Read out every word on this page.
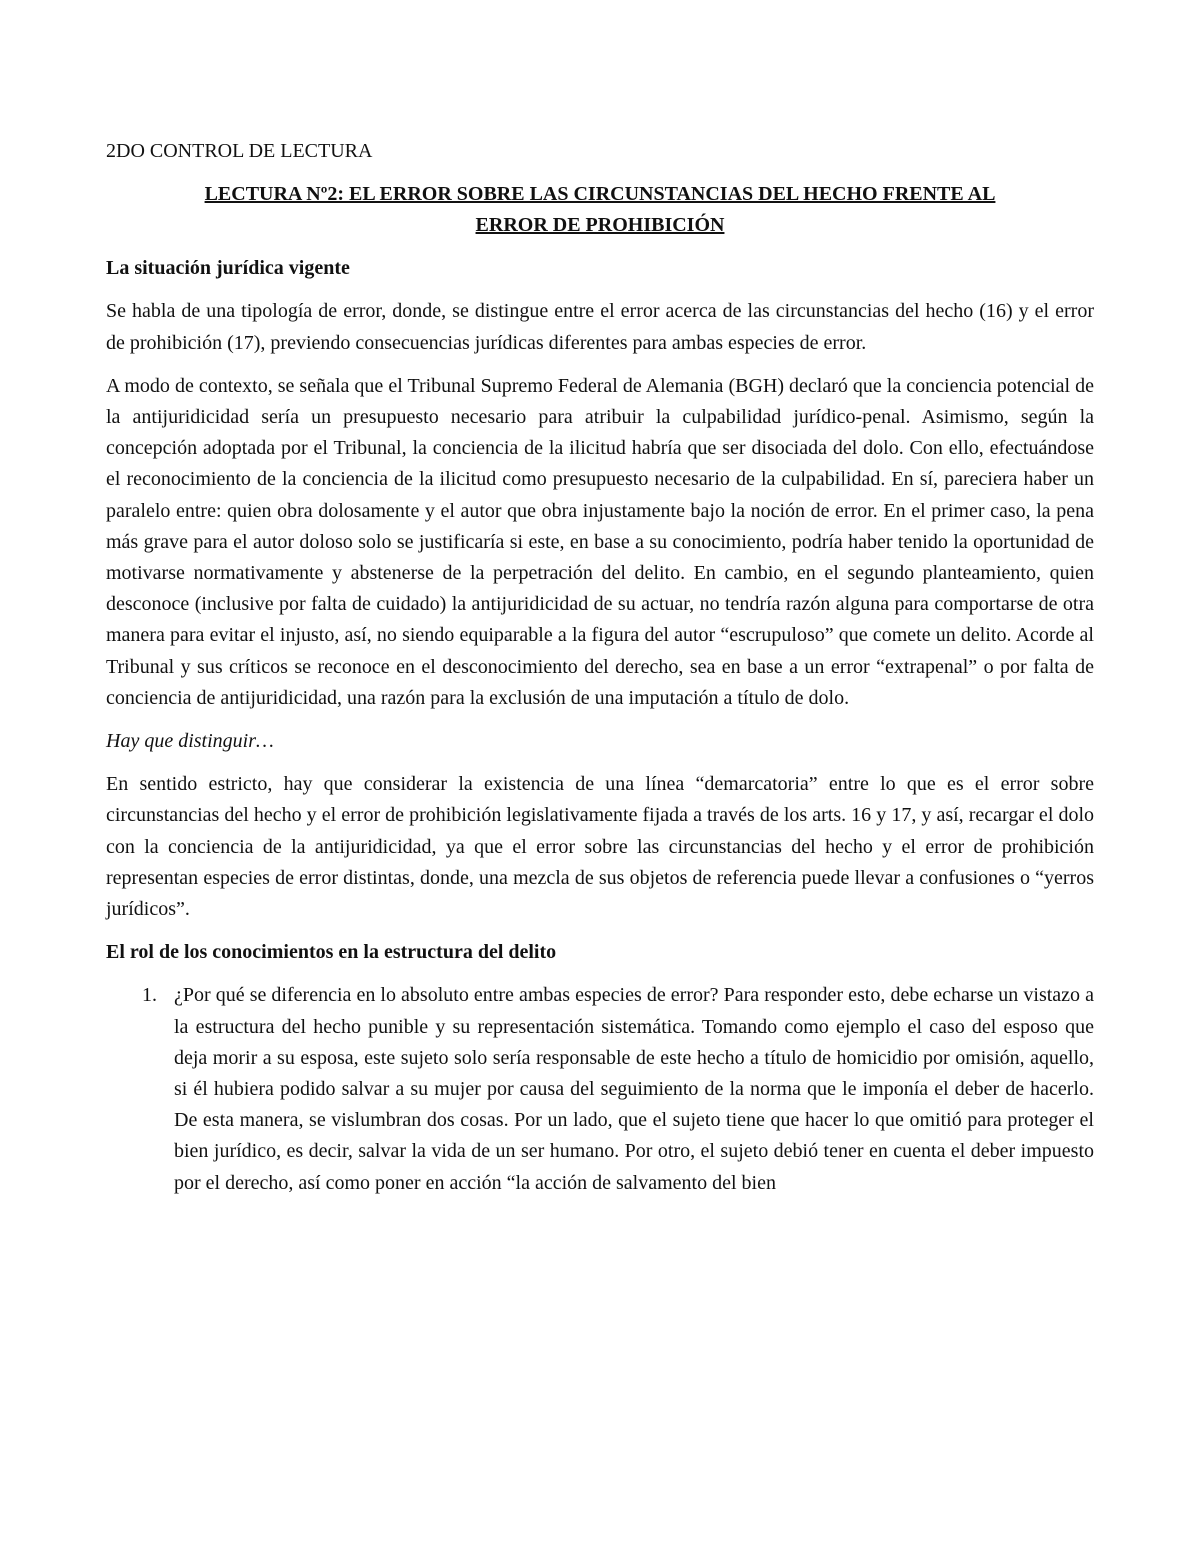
2DO CONTROL DE LECTURA

LECTURA Nº2: EL ERROR SOBRE LAS CIRCUNSTANCIAS DEL HECHO FRENTE AL
ERROR DE PROHIBICIÓN
La situación jurídica vigente

Se habla de una tipología de error, donde, se distingue entre el error acerca de las circunstancias del hecho (16) y el error de prohibición (17), previendo consecuencias jurídicas diferentes para ambas especies de error.

A modo de contexto, se señala que el Tribunal Supremo Federal de Alemania (BGH) declaró que la conciencia potencial de la antijuridicidad sería un presupuesto necesario para atribuir la culpabilidad jurídico-penal. Asimismo, según la concepción adoptada por el Tribunal, la conciencia de la ilicitud habría que ser disociada del dolo. Con ello, efectuándose el reconocimiento de la conciencia de la ilicitud como presupuesto necesario de la culpabilidad. En sí, pareciera haber un paralelo entre: quien obra dolosamente y el autor que obra injustamente bajo la noción de error. En el primer caso, la pena más grave para el autor doloso solo se justificaría si este, en base a su conocimiento, podría haber tenido la oportunidad de motivarse normativamente y abstenerse de la perpetración del delito. En cambio, en el segundo planteamiento, quien desconoce (inclusive por falta de cuidado) la antijuridicidad de su actuar, no tendría razón alguna para comportarse de otra manera para evitar el injusto, así, no siendo equiparable a la figura del autor “escrupuloso” que comete un delito. Acorde al Tribunal y sus críticos se reconoce en el desconocimiento del derecho, sea en base a un error “extrapenal” o por falta de conciencia de antijuridicidad, una razón para la exclusión de una imputación a título de dolo.

Hay que distinguir…

En sentido estricto, hay que considerar la existencia de una línea “demarcatoria” entre lo que es el error sobre circunstancias del hecho y el error de prohibición legislativamente fijada a través de los arts. 16 y 17, y así, recargar el dolo con la conciencia de la antijuridicidad, ya que el error sobre las circunstancias del hecho y el error de prohibición representan especies de error distintas, donde, una mezcla de sus objetos de referencia puede llevar a confusiones o “yerros jurídicos”.

El rol de los conocimientos en la estructura del delito
1. ¿Por qué se diferencia en lo absoluto entre ambas especies de error? Para responder esto, debe echarse un vistazo a la estructura del hecho punible y su representación sistemática. Tomando como ejemplo el caso del esposo que deja morir a su esposa, este sujeto solo sería responsable de este hecho a título de homicidio por omisión, aquello, si él hubiera podido salvar a su mujer por causa del seguimiento de la norma que le imponía el deber de hacerlo. De esta manera, se vislumbran dos cosas. Por un lado, que el sujeto tiene que hacer lo que omitió para proteger el bien jurídico, es decir, salvar la vida de un ser humano. Por otro, el sujeto debió tener en cuenta el deber impuesto por el derecho, así como poner en acción “la acción de salvamento del bien
